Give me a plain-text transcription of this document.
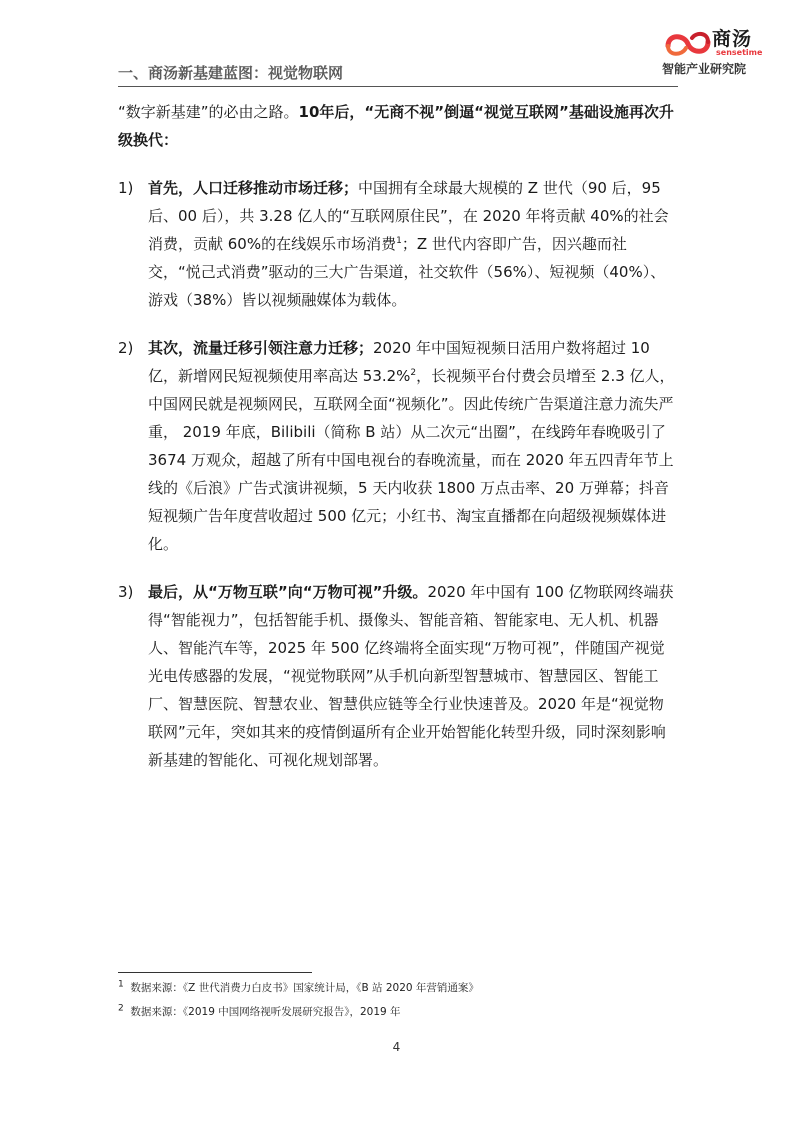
一、商汤新基建蓝图：视觉物联网
商汤
sensetime
智能产业研究院

“数字新基建”的必由之路。10年后，“无商不视”倒逼“视觉互联网”基础设施再次升级换代：

1) 首先，人口迁移推动市场迁移；中国拥有全球最大规模的 Z 世代（90 后，95 后、00 后），共 3.28 亿人的“互联网原住民”，在 2020 年将贡献 40%的社会消费，贡献 60%的在线娱乐市场消费$^1$；Z 世代内容即广告，因兴趣而社交，“悦己式消费”驱动的三大广告渠道，社交软件（56%）、短视频（40%）、游戏（38%）皆以视频融媒体为载体。

2) 其次，流量迁移引领注意力迁移；2020 年中国短视频日活用户数将超过 10 亿，新增网民短视频使用率高达 53.2%$^2$，长视频平台付费会员增至 2.3 亿人，中国网民就是视频网民，互联网全面“视频化”。因此传统广告渠道注意力流失严重， 2019 年底，Bilibili（简称 B 站）从二次元“出圈”，在线跨年春晚吸引了 3674 万观众，超越了所有中国电视台的春晚流量，而在 2020 年五四青年节上线的《后浪》广告式演讲视频，5 天内收获 1800 万点击率、20 万弹幕；抖音短视频广告年度营收超过 500 亿元；小红书、淘宝直播都在向超级视频媒体进化。

3) 最后，从“万物互联”向“万物可视”升级。2020 年中国有 100 亿物联网终端获得“智能视力”，包括智能手机、摄像头、智能音箱、智能家电、无人机、机器人、智能汽车等，2025 年 500 亿终端将全面实现“万物可视”，伴随国产视觉光电传感器的发展，“视觉物联网”从手机向新型智慧城市、智慧园区、智能工厂、智慧医院、智慧农业、智慧供应链等全行业快速普及。2020 年是“视觉物联网”元年，突如其来的疫情倒逼所有企业开始智能化转型升级，同时深刻影响新基建的智能化、可视化规划部署。

$^1$ 数据来源：《Z 世代消费力白皮书》国家统计局，《B 站 2020 年营销通案》
$^2$ 数据来源：《2019 中国网络视听发展研究报告》，2019 年
4
